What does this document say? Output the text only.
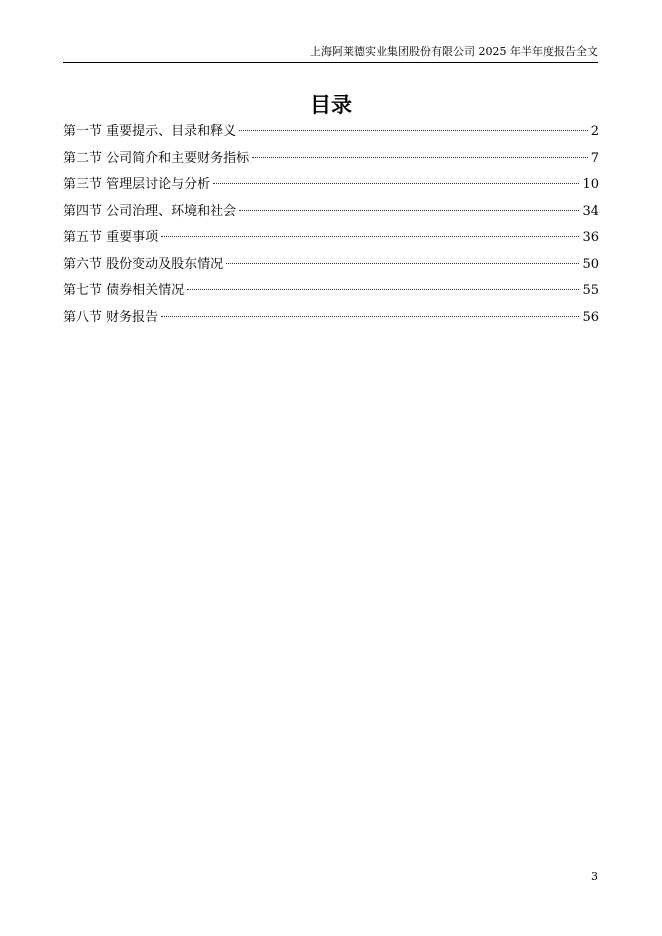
上海阿莱德实业集团股份有限公司 2025 年半年度报告全文
目录
第一节 重要提示、目录和释义	2
第二节 公司简介和主要财务指标	7
第三节 管理层讨论与分析	10
第四节 公司治理、环境和社会	34
第五节 重要事项	36
第六节 股份变动及股东情况	50
第七节 债券相关情况	55
第八节 财务报告	56
3
